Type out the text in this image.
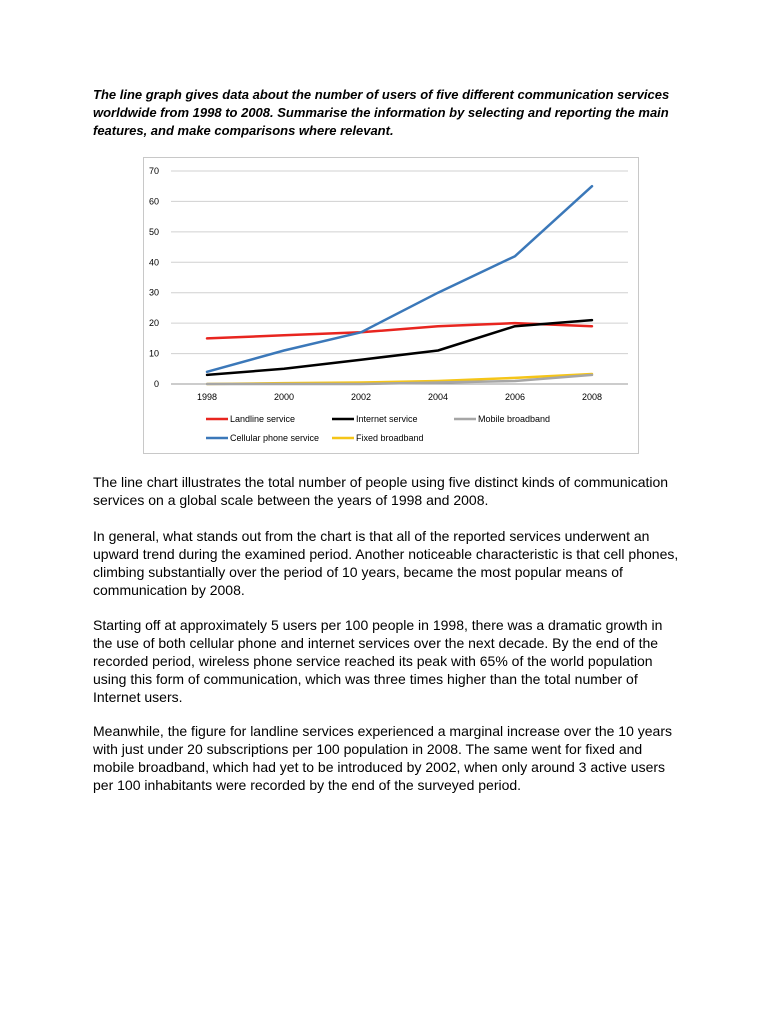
The line graph gives data about the number of users of five different communication services worldwide from 1998 to 2008. Summarise the information by selecting and reporting the main features, and make comparisons where relevant.
0
10
20
30
40
50
60
70
1998	2000	2002	2004	2006	2008
Landline service	Internet service	Mobile broadband
Cellular phone service	Fixed broadband

The line chart illustrates the total number of people using five distinct kinds of communication services on a global scale between the years of 1998 and 2008.

In general, what stands out from the chart is that all of the reported services underwent an upward trend during the examined period. Another noticeable characteristic is that cell phones, climbing substantially over the period of 10 years, became the most popular means of communication by 2008.

Starting off at approximately 5 users per 100 people in 1998, there was a dramatic growth in the use of both cellular phone and internet services over the next decade. By the end of the recorded period, wireless phone service reached its peak with 65% of the world population using this form of communication, which was three times higher than the total number of Internet users.

Meanwhile, the figure for landline services experienced a marginal increase over the 10 years with just under 20 subscriptions per 100 population in 2008. The same went for fixed and mobile broadband, which had yet to be introduced by 2002, when only around 3 active users per 100 inhabitants were recorded by the end of the surveyed period.
